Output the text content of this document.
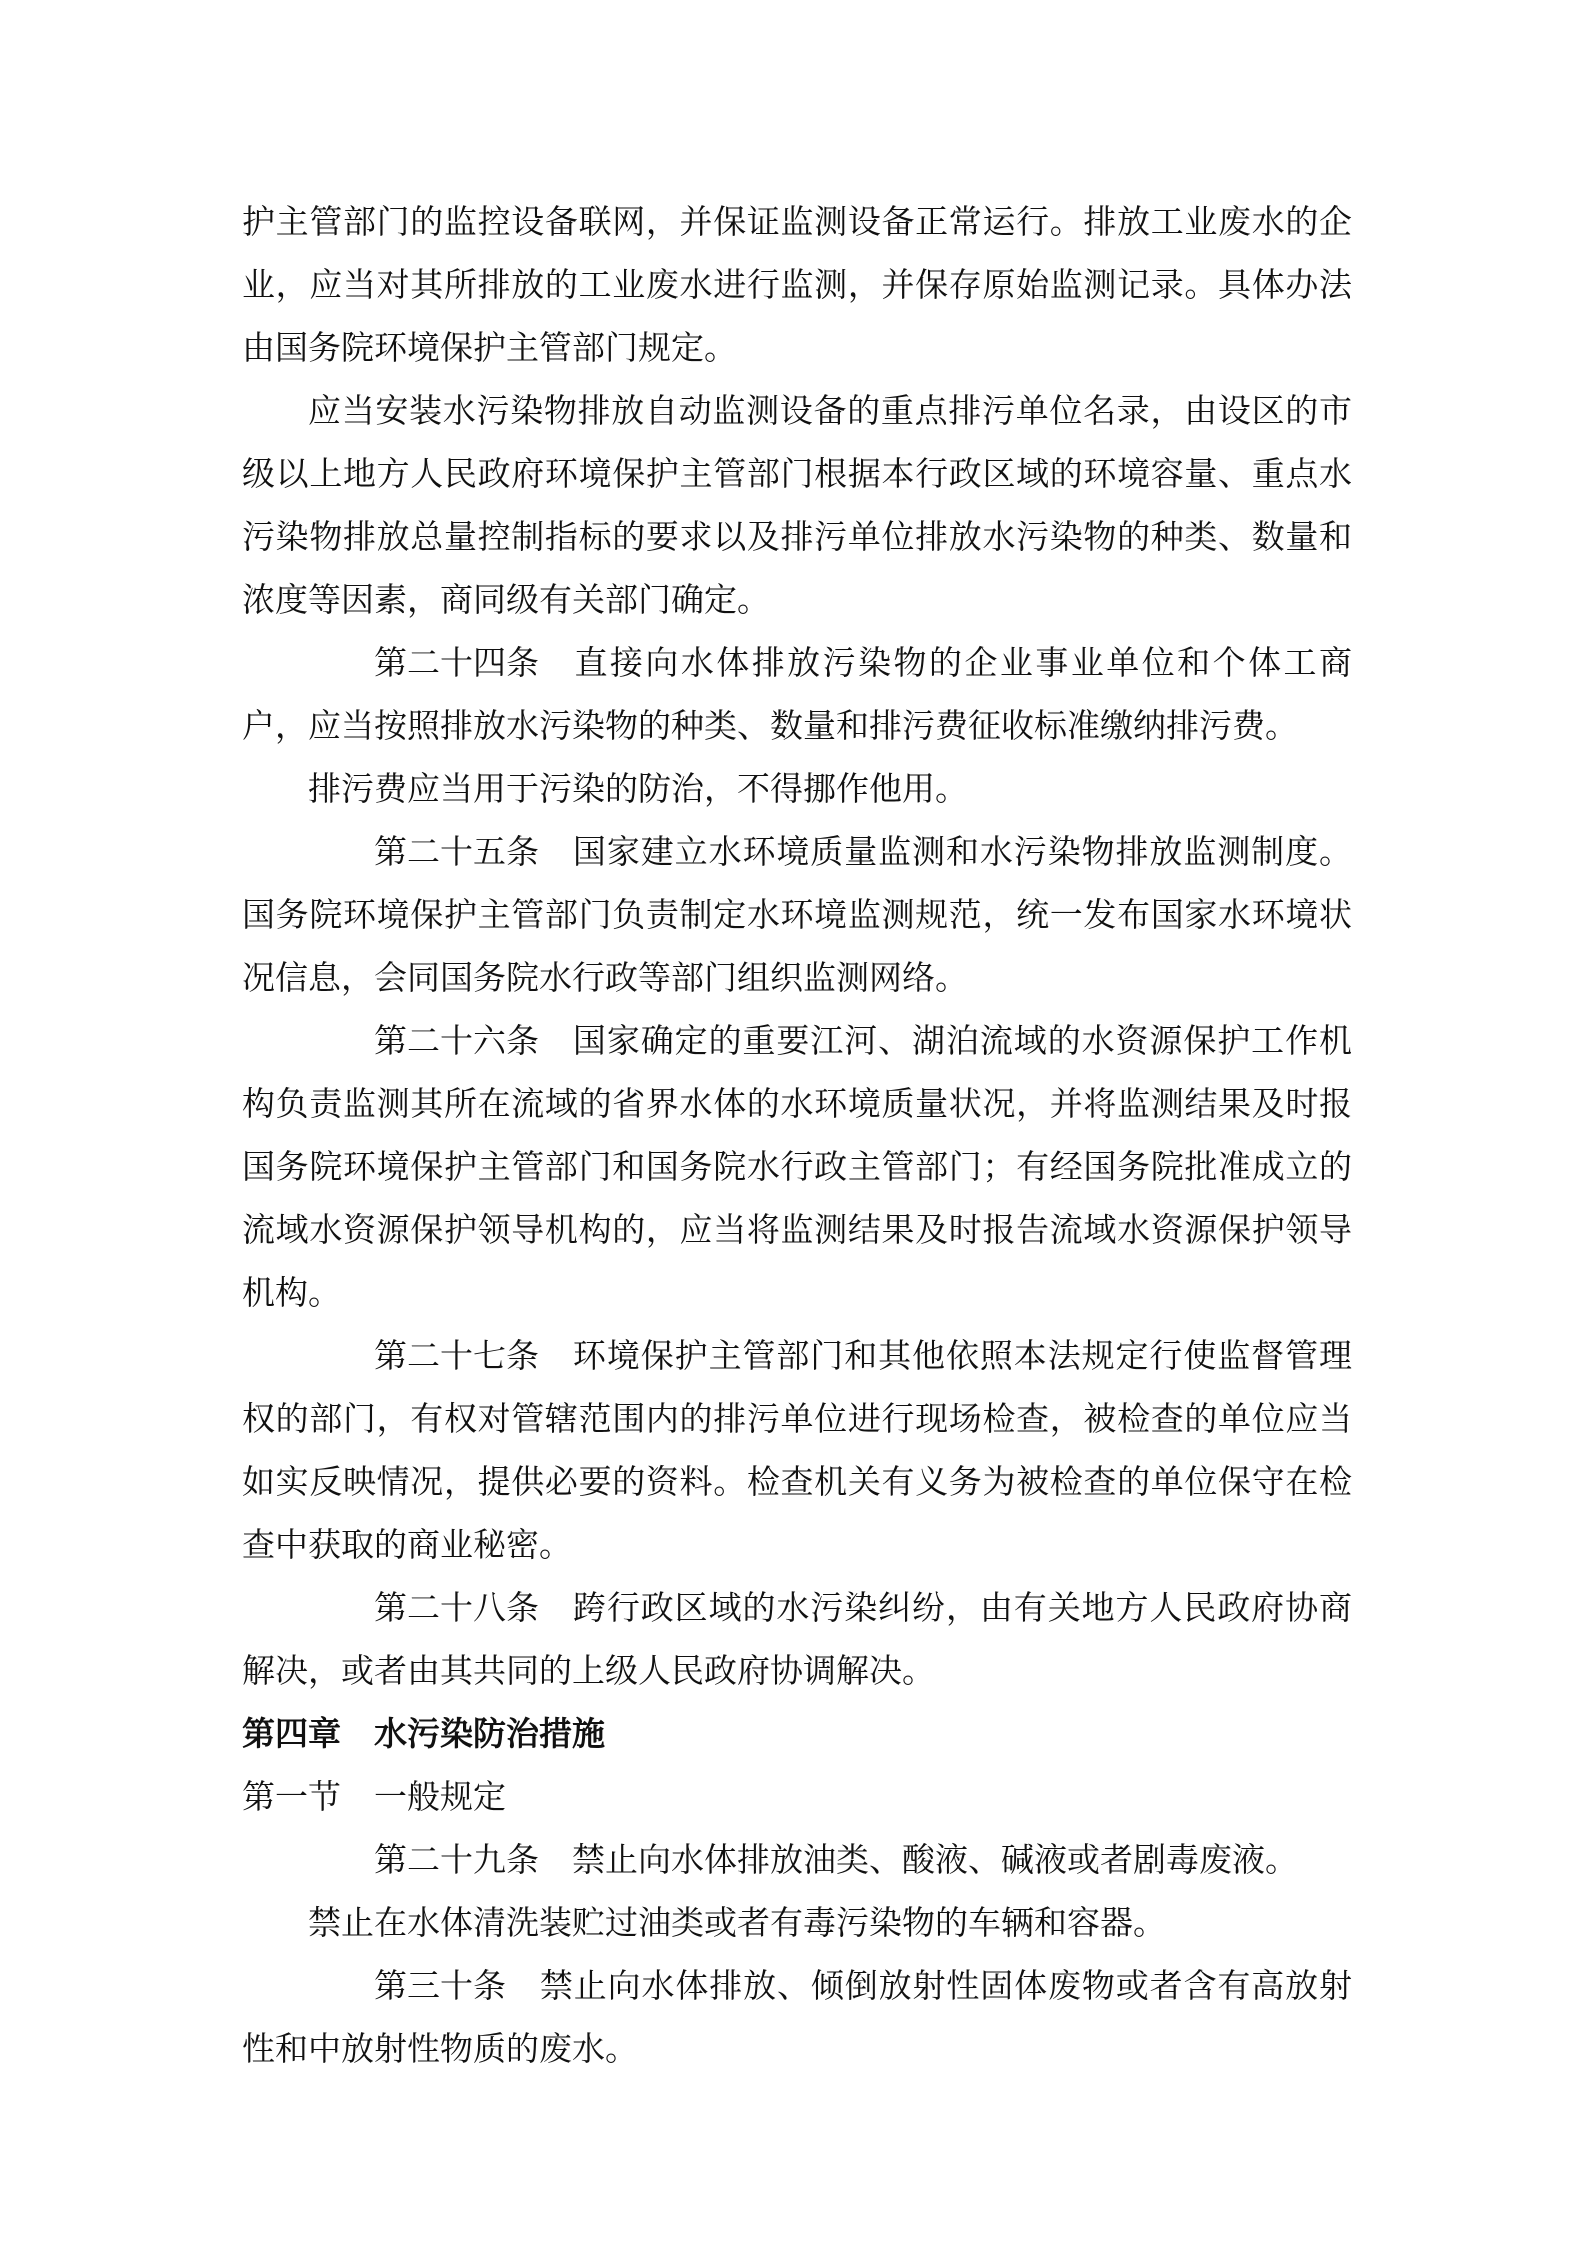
护主管部门的监控设备联网，并保证监测设备正常运行。排放工业废水的企业，应当对其所排放的工业废水进行监测，并保存原始监测记录。具体办法由国务院环境保护主管部门规定。

应当安装水污染物排放自动监测设备的重点排污单位名录，由设区的市级以上地方人民政府环境保护主管部门根据本行政区域的环境容量、重点水污染物排放总量控制指标的要求以及排污单位排放水污染物的种类、数量和浓度等因素，商同级有关部门确定。

第二十四条 直接向水体排放污染物的企业事业单位和个体工商户，应当按照排放水污染物的种类、数量和排污费征收标准缴纳排污费。

排污费应当用于污染的防治，不得挪作他用。

第二十五条 国家建立水环境质量监测和水污染物排放监测制度。国务院环境保护主管部门负责制定水环境监测规范，统一发布国家水环境状况信息，会同国务院水行政等部门组织监测网络。

第二十六条 国家确定的重要江河、湖泊流域的水资源保护工作机构负责监测其所在流域的省界水体的水环境质量状况，并将监测结果及时报国务院环境保护主管部门和国务院水行政主管部门；有经国务院批准成立的流域水资源保护领导机构的，应当将监测结果及时报告流域水资源保护领导机构。

第二十七条 环境保护主管部门和其他依照本法规定行使监督管理权的部门，有权对管辖范围内的排污单位进行现场检查，被检查的单位应当如实反映情况，提供必要的资料。检查机关有义务为被检查的单位保守在检查中获取的商业秘密。

第二十八条 跨行政区域的水污染纠纷，由有关地方人民政府协商解决，或者由其共同的上级人民政府协调解决。

第四章 水污染防治措施

第一节 一般规定

第二十九条 禁止向水体排放油类、酸液、碱液或者剧毒废液。

禁止在水体清洗装贮过油类或者有毒污染物的车辆和容器。

第三十条 禁止向水体排放、倾倒放射性固体废物或者含有高放射性和中放射性物质的废水。
